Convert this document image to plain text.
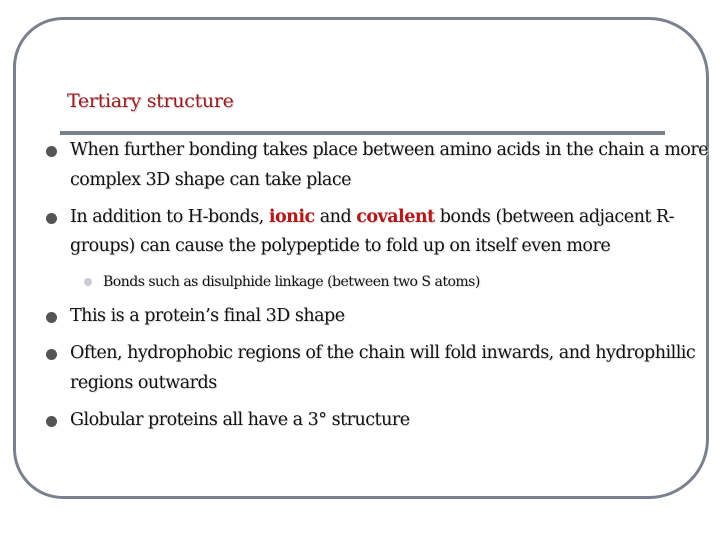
Tertiary structure
When further bonding takes place between amino acids in the chain a more
complex 3D shape can take place
In addition to H-bonds, ionic and covalent bonds (between adjacent R-
groups) can cause the polypeptide to fold up on itself even more
Bonds such as disulphide linkage (between two S atoms)
This is a protein’s final 3D shape
Often, hydrophobic regions of the chain will fold inwards, and hydrophillic
regions outwards
Globular proteins all have a 3° structure
